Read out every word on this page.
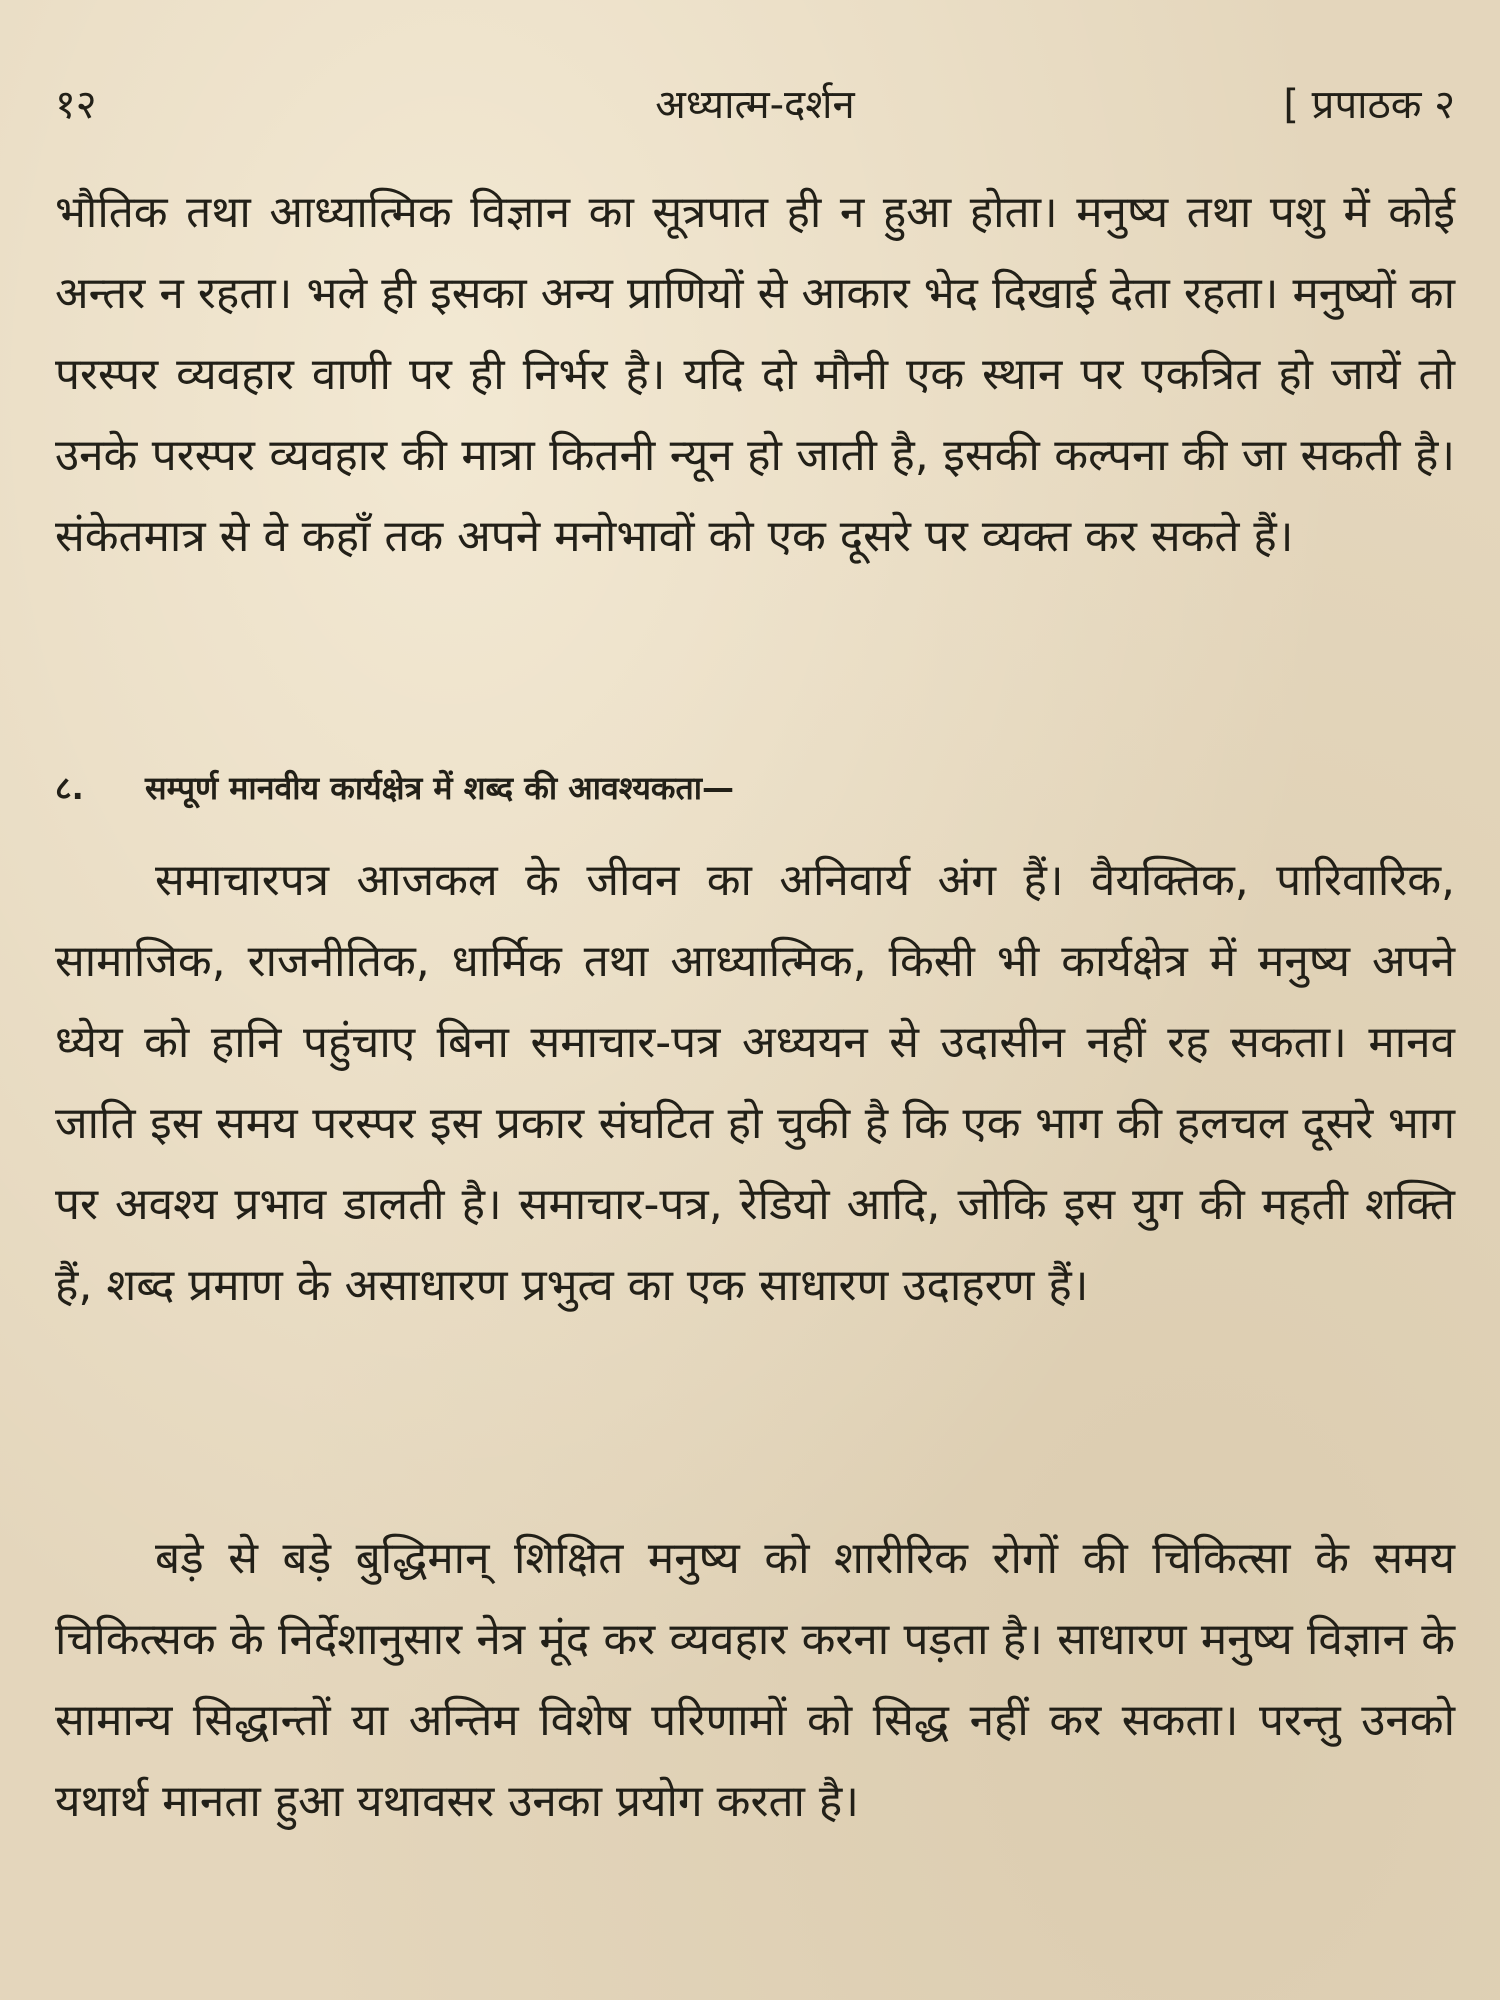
१२	अध्यात्म-दर्शन	[ प्रपाठक २

भौतिक तथा आध्यात्मिक विज्ञान का सूत्रपात ही न हुआ होता। मनुष्य तथा पशु में कोई अन्तर न रहता। भले ही इसका अन्य प्राणियों से आकार भेद दिखाई देता रहता। मनुष्यों का परस्पर व्यवहार वाणी पर ही निर्भर है। यदि दो मौनी एक स्थान पर एकत्रित हो जायें तो उनके परस्पर व्यवहार की मात्रा कितनी न्यून हो जाती है, इसकी कल्पना की जा सकती है। संकेतमात्र से वे कहाँ तक अपने मनोभावों को एक दूसरे पर व्यक्त कर सकते हैं।

८. सम्पूर्ण मानवीय कार्यक्षेत्र में शब्द की आवश्यकता—

समाचारपत्र आजकल के जीवन का अनिवार्य अंग हैं। वैयक्तिक, पारिवारिक, सामाजिक, राजनीतिक, धार्मिक तथा आध्यात्मिक, किसी भी कार्यक्षेत्र में मनुष्य अपने ध्येय को हानि पहुंचाए बिना समाचार-पत्र अध्ययन से उदासीन नहीं रह सकता। मानव जाति इस समय परस्पर इस प्रकार संघटित हो चुकी है कि एक भाग की हलचल दूसरे भाग पर अवश्य प्रभाव डालती है। समाचार-पत्र, रेडियो आदि, जोकि इस युग की महती शक्ति हैं, शब्द प्रमाण के असाधारण प्रभुत्व का एक साधारण उदाहरण हैं।

बड़े से बड़े बुद्धिमान् शिक्षित मनुष्य को शारीरिक रोगों की चिकित्सा के समय चिकित्सक के निर्देशानुसार नेत्र मूंद कर व्यवहार करना पड़ता है। साधारण मनुष्य विज्ञान के सामान्य सिद्धान्तों या अन्तिम विशेष परिणामों को सिद्ध नहीं कर सकता। परन्तु उनको यथार्थ मानता हुआ यथावसर उनका प्रयोग करता है।
